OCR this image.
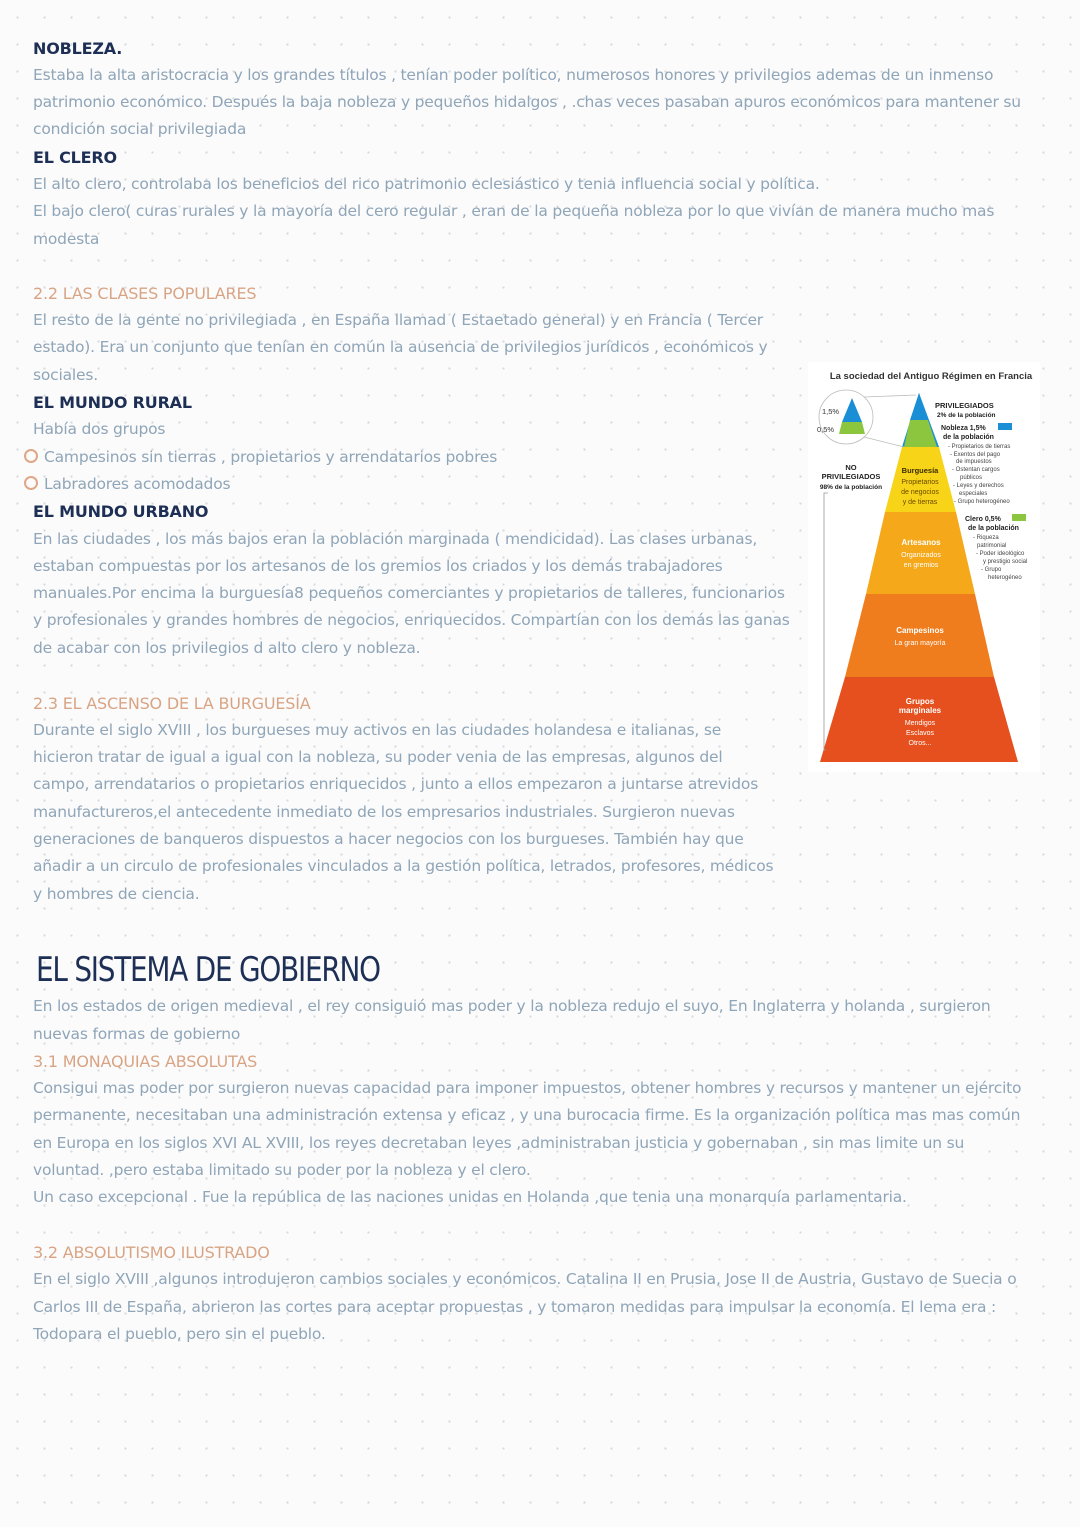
NOBLEZA.
Estaba la alta aristocracia y los grandes títulos , tenían poder político, numerosos honores y privilegios ademas de un inmenso
patrimonio económico. Después la baja nobleza y pequeños hidalgos , .chas veces pasaban apuros económicos para mantener su
condición social privilegiada
EL CLERO
El alto clero, controlaba los beneficios del rico patrimonio eclesiástico y tenia influencia social y política.
El bajo clero( curas rurales y la mayoría del cero regular , eran de la pequeña nobleza por lo que vivían de manera mucho mas
modesta
2.2 LAS CLASES POPULARES
El resto de la gente no privilegiada , en España llamad ( Estaetado general) y en Francia ( Tercer
estado). Era un conjunto que tenían en común la ausencia de privilegios jurídicos , económicos y
sociales.
EL MUNDO RURAL
Había dos grupos
Campesinos sin tierras , propietarios y arrendatarios pobres
Labradores acomodados
EL MUNDO URBANO
En las ciudades , los más bajos eran la población marginada ( mendicidad). Las clases urbanas,
estaban compuestas por los artesanos de los gremios los criados y los demás trabajadores
manuales.Por encima la burguesía8 pequeños comerciantes y propietarios de talleres, funcionarios
y profesionales y grandes hombres de negocios, enriquecidos. Compartían con los demás las ganas
de acabar con los privilegios d alto clero y nobleza.
2.3 EL ASCENSO DE LA BURGUESÍA
Durante el siglo XVIII , los burgueses muy activos en las ciudades holandesa e italianas, se
hicieron tratar de igual a igual con la nobleza, su poder venia de las empresas, algunos del
campo, arrendatarios o propietarios enriquecidos , junto a ellos empezaron a juntarse atrevidos
manufactureros,el antecedente inmediato de los empresarios industriales. Surgieron nuevas
generaciones de banqueros dispuestos a hacer negocios con los burgueses. También hay que
añadir a un circulo de profesionales vinculados a la gestión política, letrados, profesores, médicos
y hombres de ciencia.
EL SISTEMA DE GOBIERNO
En los estados de origen medieval , el rey consiguió mas poder y la nobleza redujo el suyo, En Inglaterra y holanda , surgieron
nuevas formas de gobierno
3.1 MONAQUIAS ABSOLUTAS
Consigui mas poder por surgieron nuevas capacidad para imponer impuestos, obtener hombres y recursos y mantener un ejército
permanente, necesitaban una administración extensa y eficaz , y una burocacia firme. Es la organización política mas mas común
en Europa en los siglos XVI AL XVIII, los reyes decretaban leyes ,administraban justicia y gobernaban , sin mas limite un su
voluntad. ,pero estaba limitado su poder por la nobleza y el clero.
Un caso excepcional . Fue la república de las naciones unidas en Holanda ,que tenia una monarquía parlamentaria.
3.2 ABSOLUTISMO ILUSTRADO
En el siglo XVIII ,algunos introdujeron cambios sociales y económicos. Catalina II en Prusia, Jose II de Austria, Gustavo de Suecia o
Carlos III de España, abrieron las cortes para aceptar propuestas , y tomaron medidas para impulsar la economía. El lema era :
Todopara el pueblo, pero sin el pueblo.
La sociedad del Antiguo Régimen en Francia
1,5%
0,5%
NO
PRIVILEGIADOS
98% de la población
PRIVILEGIADOS
2% de la población
Nobleza 1,5%
de la población
- Propietarios de tierras
- Exentos del pago
de impuestos
- Ostentan cargos
públicos
- Leyes y derechos
especiales
- Grupo heterogéneo
Clero 0,5%
de la población
- Riqueza
patrimonial
- Poder ideológico
y prestigio social
- Grupo
heterogéneo
Burguesía
Propietarios
de negocios
y de tierras
Artesanos
Organizados
en gremios
Campesinos
La gran mayoría
Grupos
marginales
Mendigos
Esclavos
Otros...
